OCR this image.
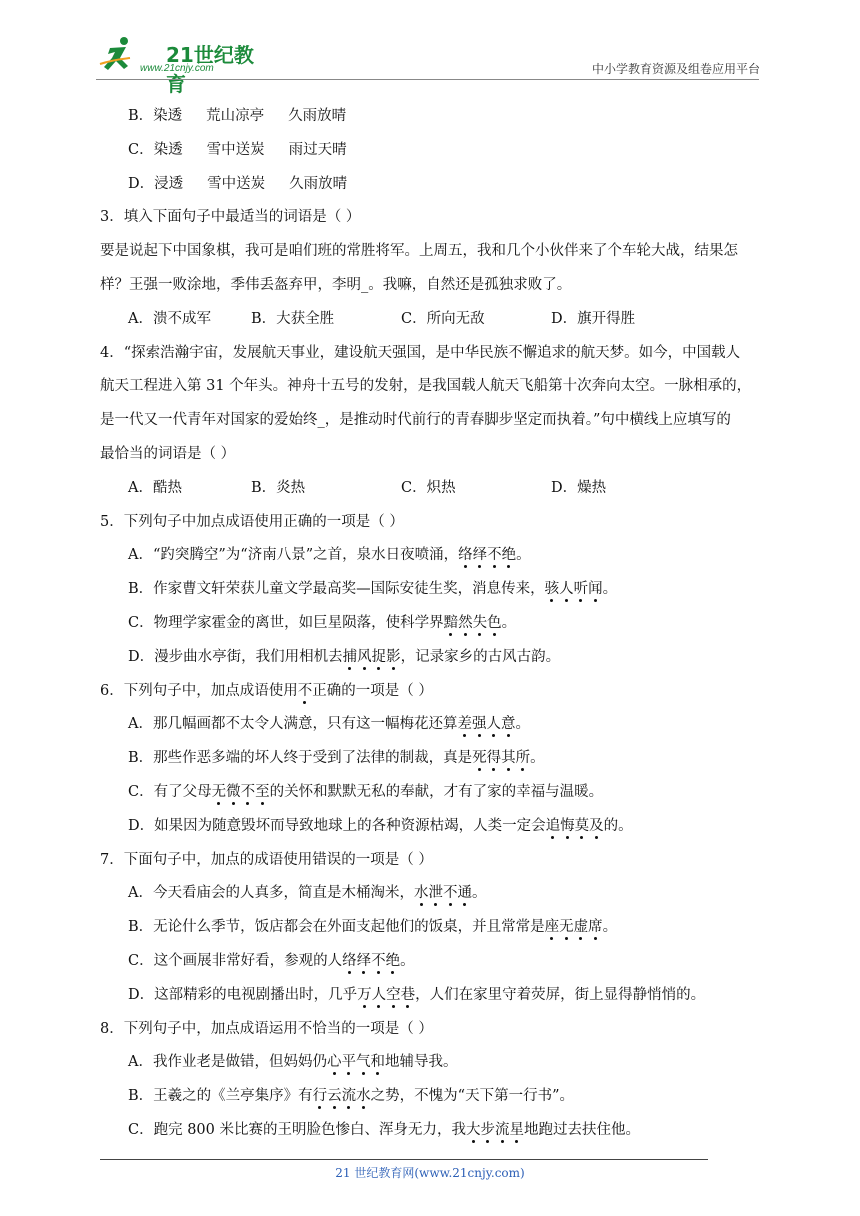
21世纪教育
www.21cnjy.com	中小学教育资源及组卷应用平台
B．染透 荒山凉亭 久雨放晴
C．染透 雪中送炭 雨过天晴
D．浸透 雪中送炭 久雨放晴
3．填入下面句子中最适当的词语是（ ）
要是说起下中国象棋，我可是咱们班的常胜将军。上周五，我和几个小伙伴来了个车轮大战，结果怎
样？王强一败涂地，季伟丢盔弃甲，李明_。我嘛，自然还是孤独求败了。
A．溃不成军	B．大获全胜	C．所向无敌	D．旗开得胜
4．“探索浩瀚宇宙，发展航天事业，建设航天强国，是中华民族不懈追求的航天梦。如今，中国载人
航天工程进入第 31 个年头。神舟十五号的发射，是我国载人航天飞船第十次奔向太空。一脉相承的，
是一代又一代青年对国家的爱始终_，是推动时代前行的青春脚步坚定而执着。”句中横线上应填写的
最恰当的词语是（ ）
A．酷热	B．炎热	C．炽热	D．燥热
5．下列句子中加点成语使用正确的一项是（ ）
A．“趵突腾空”为“济南八景”之首，泉水日夜喷涌，络绎不绝。
B．作家曹文轩荣获儿童文学最高奖—国际安徒生奖，消息传来，骇人听闻。
C．物理学家霍金的离世，如巨星陨落，使科学界黯然失色。
D．漫步曲水亭街，我们用相机去捕风捉影，记录家乡的古风古韵。
6．下列句子中，加点成语使用不正确的一项是（ ）
A．那几幅画都不太令人满意，只有这一幅梅花还算差强人意。
B．那些作恶多端的坏人终于受到了法律的制裁，真是死得其所。
C．有了父母无微不至的关怀和默默无私的奉献，才有了家的幸福与温暖。
D．如果因为随意毁坏而导致地球上的各种资源枯竭，人类一定会追悔莫及的。
7．下面句子中，加点的成语使用错误的一项是（ ）
A．今天看庙会的人真多，简直是木桶淘米，水泄不通。
B．无论什么季节，饭店都会在外面支起他们的饭桌，并且常常是座无虚席。
C．这个画展非常好看，参观的人络绎不绝。
D．这部精彩的电视剧播出时，几乎万人空巷，人们在家里守着荧屏，街上显得静悄悄的。
8．下列句子中，加点成语运用不恰当的一项是（ ）
A．我作业老是做错，但妈妈仍心平气和地辅导我。
B．王羲之的《兰亭集序》有行云流水之势，不愧为“天下第一行书”。
C．跑完 800 米比赛的王明脸色惨白、浑身无力，我大步流星地跑过去扶住他。
21 世纪教育网(www.21cnjy.com)
